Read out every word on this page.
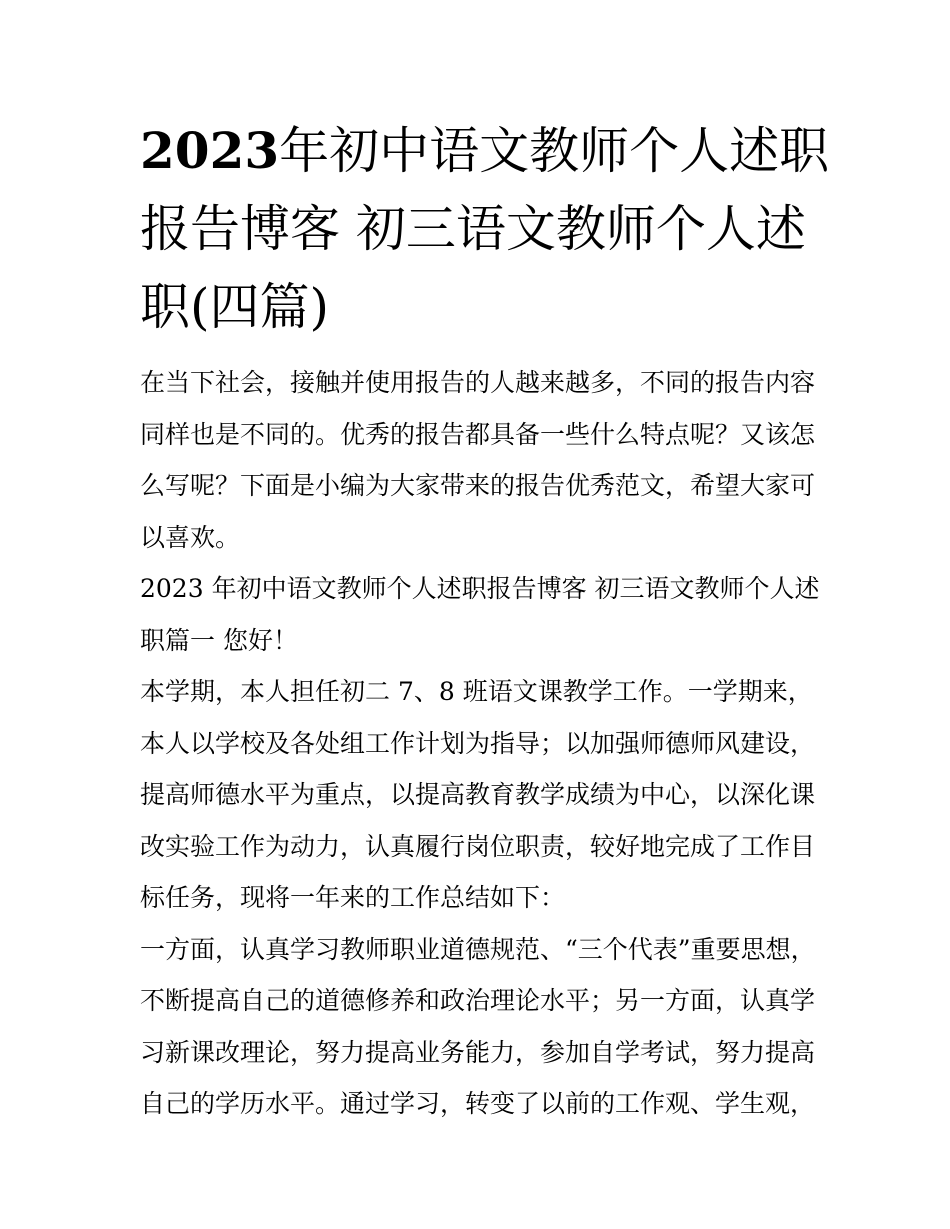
2023年初中语文教师个人述职
报告博客 初三语文教师个人述
职(四篇)
在当下社会，接触并使用报告的人越来越多，不同的报告内容
同样也是不同的。优秀的报告都具备一些什么特点呢？又该怎
么写呢？下面是小编为大家带来的报告优秀范文，希望大家可
以喜欢。
2023 年初中语文教师个人述职报告博客 初三语文教师个人述
职篇一 您好！
本学期，本人担任初二 7、8 班语文课教学工作。一学期来，
本人以学校及各处组工作计划为指导；以加强师德师风建设，
提高师德水平为重点，以提高教育教学成绩为中心，以深化课
改实验工作为动力，认真履行岗位职责，较好地完成了工作目
标任务，现将一年来的工作总结如下：
一方面，认真学习教师职业道德规范、“三个代表”重要思想，
不断提高自己的道德修养和政治理论水平；另一方面，认真学
习新课改理论，努力提高业务能力，参加自学考试，努力提高
自己的学历水平。通过学习，转变了以前的工作观、学生观，
